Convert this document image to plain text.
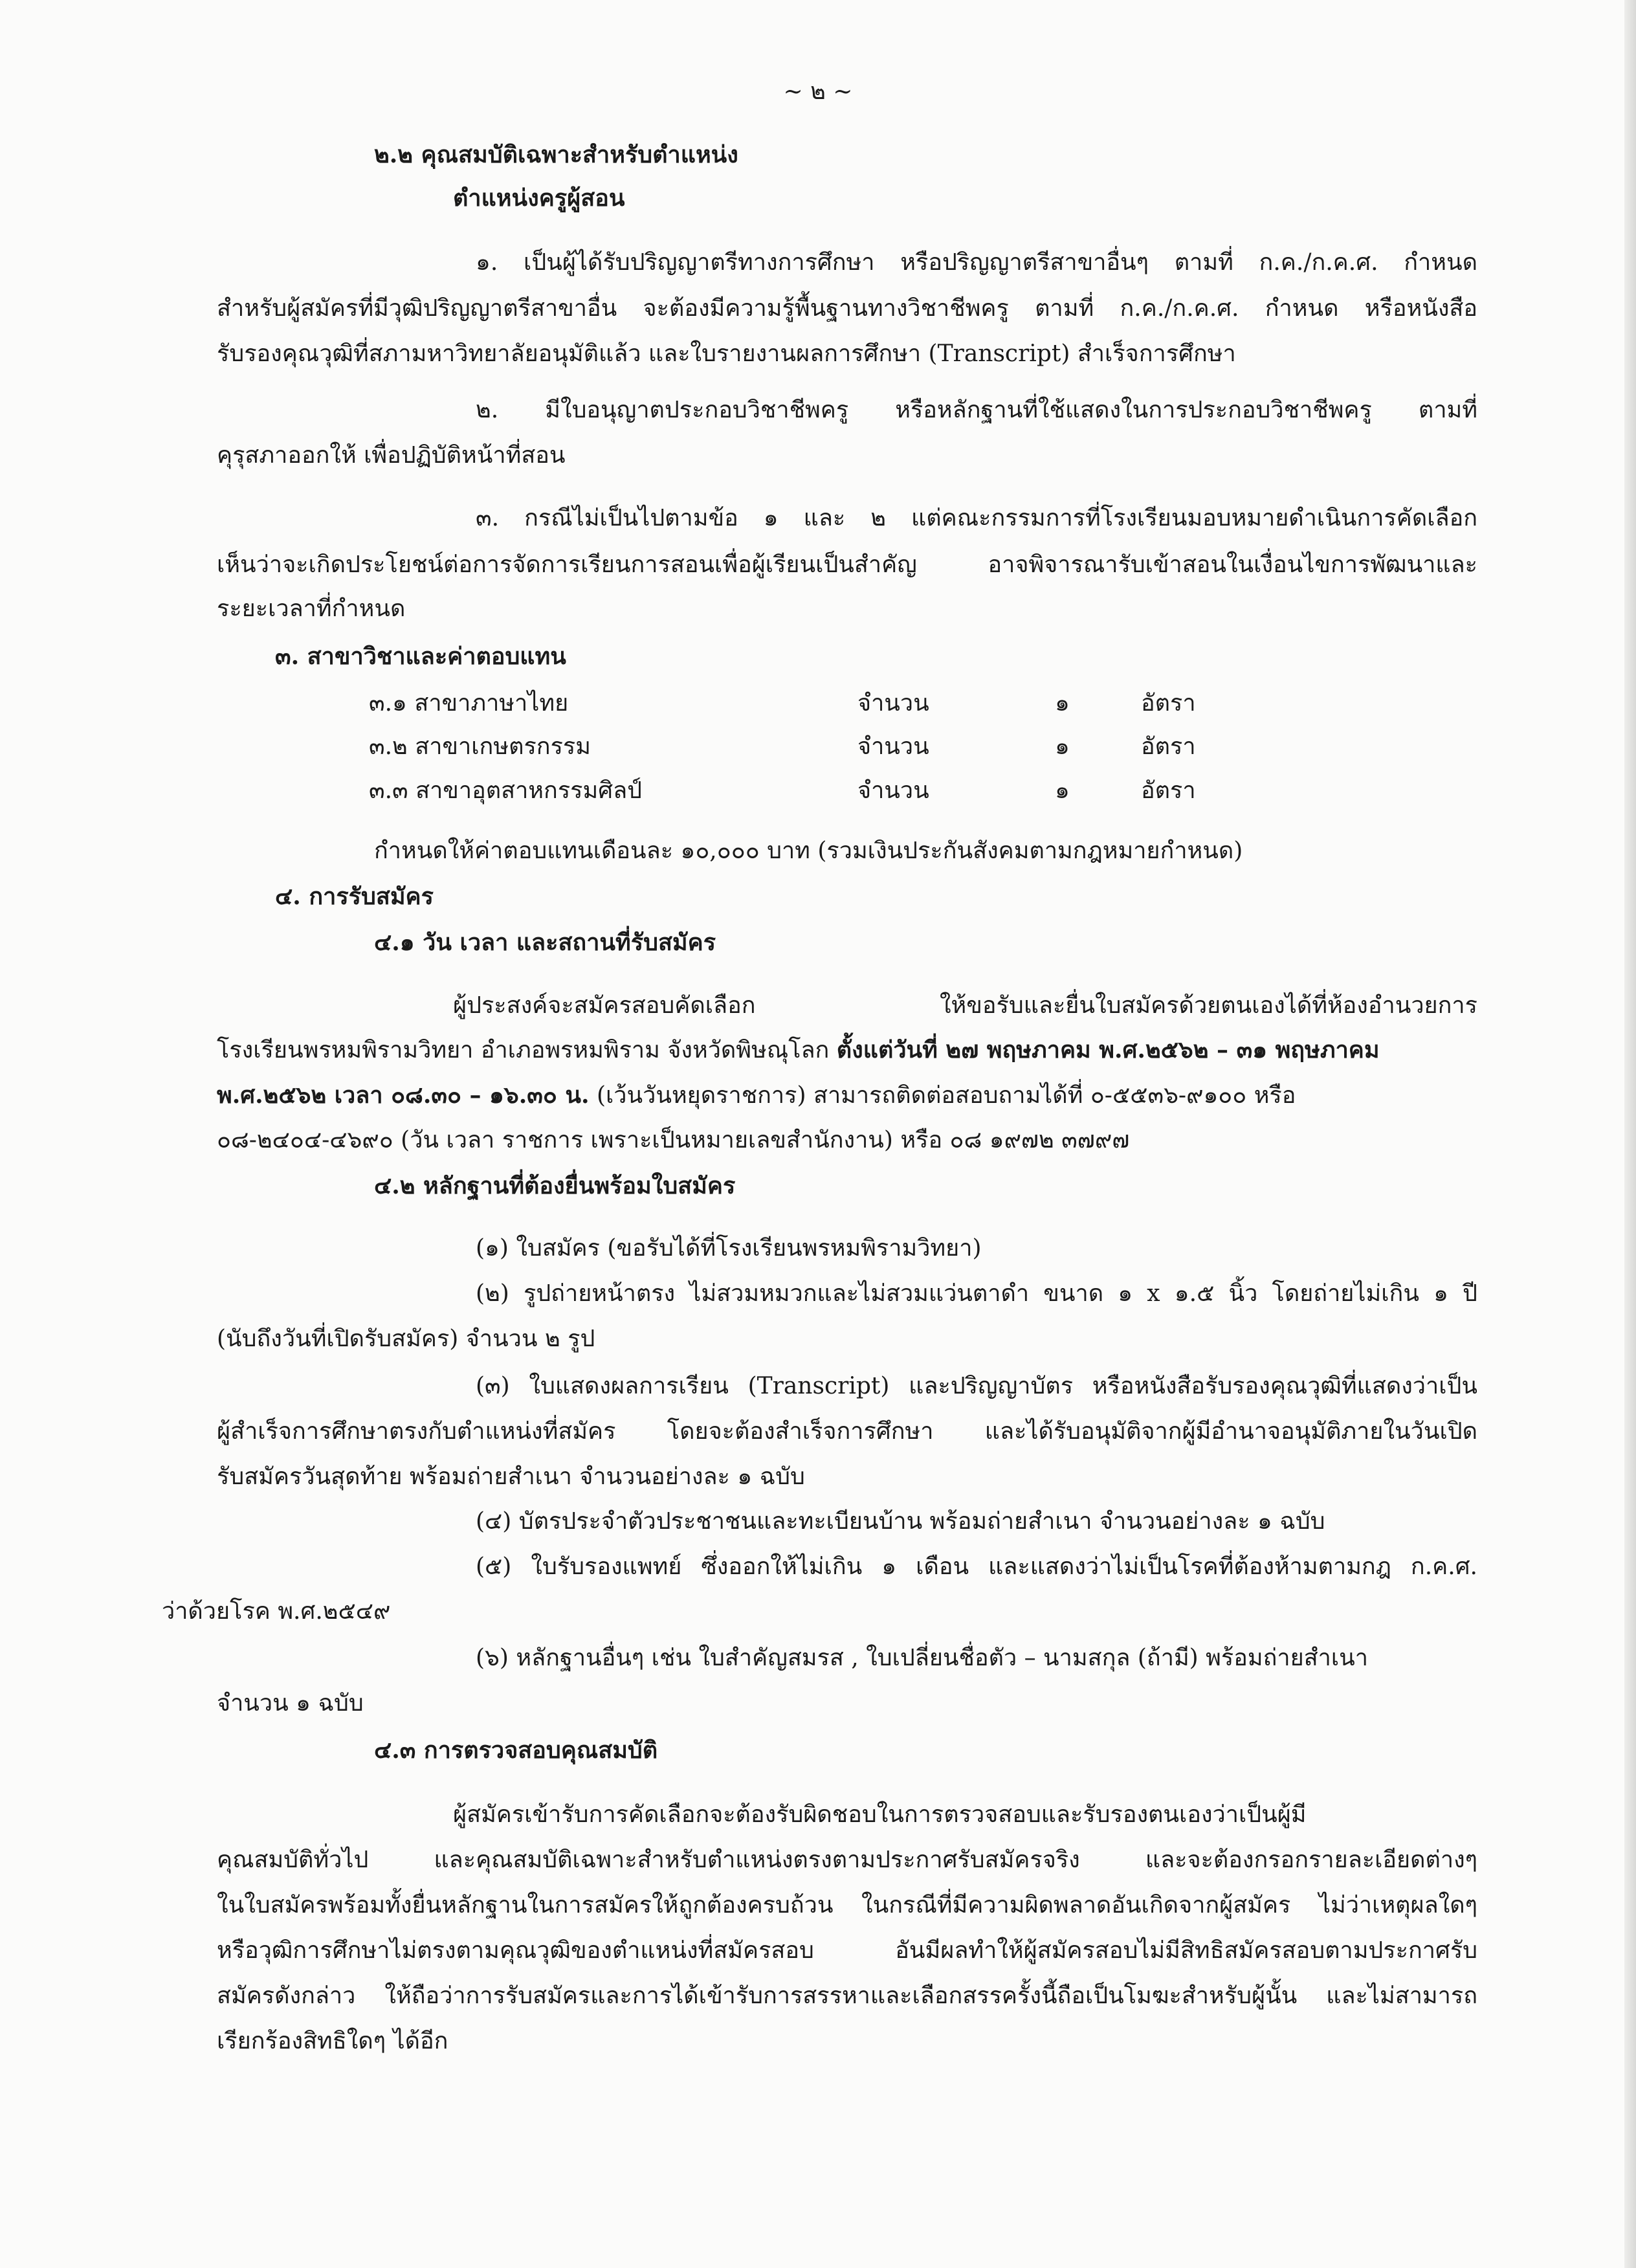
~ ๒ ~
๒.๒ คุณสมบัติเฉพาะสำหรับตำแหน่ง
ตำแหน่งครูผู้สอน
๑. เป็นผู้ได้รับปริญญาตรีทางการศึกษา หรือปริญญาตรีสาขาอื่นๆ ตามที่ ก.ค./ก.ค.ศ. กำหนด
สำหรับผู้สมัครที่มีวุฒิปริญญาตรีสาขาอื่น จะต้องมีความรู้พื้นฐานทางวิชาชีพครู ตามที่ ก.ค./ก.ค.ศ. กำหนด หรือหนังสือ
รับรองคุณวุฒิที่สภามหาวิทยาลัยอนุมัติแล้ว และใบรายงานผลการศึกษา (Transcript) สำเร็จการศึกษา
๒. มีใบอนุญาตประกอบวิชาชีพครู หรือหลักฐานที่ใช้แสดงในการประกอบวิชาชีพครู ตามที่
คุรุสภาออกให้ เพื่อปฏิบัติหน้าที่สอน
๓. กรณีไม่เป็นไปตามข้อ ๑ และ ๒ แต่คณะกรรมการที่โรงเรียนมอบหมายดำเนินการคัดเลือก
เห็นว่าจะเกิดประโยชน์ต่อการจัดการเรียนการสอนเพื่อผู้เรียนเป็นสำคัญ อาจพิจารณารับเข้าสอนในเงื่อนไขการพัฒนาและ
ระยะเวลาที่กำหนด
๓. สาขาวิชาและค่าตอบแทน
๓.๑ สาขาภาษาไทย	จำนวน	๑	อัตรา
๓.๒ สาขาเกษตรกรรม	จำนวน	๑	อัตรา
๓.๓ สาขาอุตสาหกรรมศิลป์	จำนวน	๑	อัตรา
กำหนดให้ค่าตอบแทนเดือนละ ๑๐,๐๐๐ บาท (รวมเงินประกันสังคมตามกฎหมายกำหนด)
๔. การรับสมัคร
๔.๑ วัน เวลา และสถานที่รับสมัคร
ผู้ประสงค์จะสมัครสอบคัดเลือก ให้ขอรับและยื่นใบสมัครด้วยตนเองได้ที่ห้องอำนวยการ
โรงเรียนพรหมพิรามวิทยา อำเภอพรหมพิราม จังหวัดพิษณุโลก ตั้งแต่วันที่ ๒๗ พฤษภาคม พ.ศ.๒๕๖๒ – ๓๑ พฤษภาคม
พ.ศ.๒๕๖๒ เวลา ๐๘.๓๐ – ๑๖.๓๐ น. (เว้นวันหยุดราชการ) สามารถติดต่อสอบถามได้ที่ ๐-๕๕๓๖-๙๑๐๐ หรือ
๐๘-๒๔๐๔-๔๖๙๐ (วัน เวลา ราชการ เพราะเป็นหมายเลขสำนักงาน) หรือ ๐๘ ๑๙๗๒ ๓๗๙๗
๔.๒ หลักฐานที่ต้องยื่นพร้อมใบสมัคร
(๑) ใบสมัคร (ขอรับได้ที่โรงเรียนพรหมพิรามวิทยา)
(๒) รูปถ่ายหน้าตรง ไม่สวมหมวกและไม่สวมแว่นตาดำ ขนาด ๑ x ๑.๕ นิ้ว โดยถ่ายไม่เกิน ๑ ปี
(นับถึงวันที่เปิดรับสมัคร) จำนวน ๒ รูป
(๓) ใบแสดงผลการเรียน (Transcript) และปริญญาบัตร หรือหนังสือรับรองคุณวุฒิที่แสดงว่าเป็น
ผู้สำเร็จการศึกษาตรงกับตำแหน่งที่สมัคร โดยจะต้องสำเร็จการศึกษา และได้รับอนุมัติจากผู้มีอำนาจอนุมัติภายในวันเปิด
รับสมัครวันสุดท้าย พร้อมถ่ายสำเนา จำนวนอย่างละ ๑ ฉบับ
(๔) บัตรประจำตัวประชาชนและทะเบียนบ้าน พร้อมถ่ายสำเนา จำนวนอย่างละ ๑ ฉบับ
(๕) ใบรับรองแพทย์ ซึ่งออกให้ไม่เกิน ๑ เดือน และแสดงว่าไม่เป็นโรคที่ต้องห้ามตามกฎ ก.ค.ศ.
ว่าด้วยโรค พ.ศ.๒๕๔๙
(๖) หลักฐานอื่นๆ เช่น ใบสำคัญสมรส , ใบเปลี่ยนชื่อตัว – นามสกุล (ถ้ามี) พร้อมถ่ายสำเนา
จำนวน ๑ ฉบับ
๔.๓ การตรวจสอบคุณสมบัติ
ผู้สมัครเข้ารับการคัดเลือกจะต้องรับผิดชอบในการตรวจสอบและรับรองตนเองว่าเป็นผู้มี
คุณสมบัติทั่วไป และคุณสมบัติเฉพาะสำหรับตำแหน่งตรงตามประกาศรับสมัครจริง และจะต้องกรอกรายละเอียดต่างๆ
ในใบสมัครพร้อมทั้งยื่นหลักฐานในการสมัครให้ถูกต้องครบถ้วน ในกรณีที่มีความผิดพลาดอันเกิดจากผู้สมัคร ไม่ว่าเหตุผลใดๆ
หรือวุฒิการศึกษาไม่ตรงตามคุณวุฒิของตำแหน่งที่สมัครสอบ อันมีผลทำให้ผู้สมัครสอบไม่มีสิทธิสมัครสอบตามประกาศรับ
สมัครดังกล่าว ให้ถือว่าการรับสมัครและการได้เข้ารับการสรรหาและเลือกสรรครั้งนี้ถือเป็นโมฆะสำหรับผู้นั้น และไม่สามารถ
เรียกร้องสิทธิใดๆ ได้อีก
